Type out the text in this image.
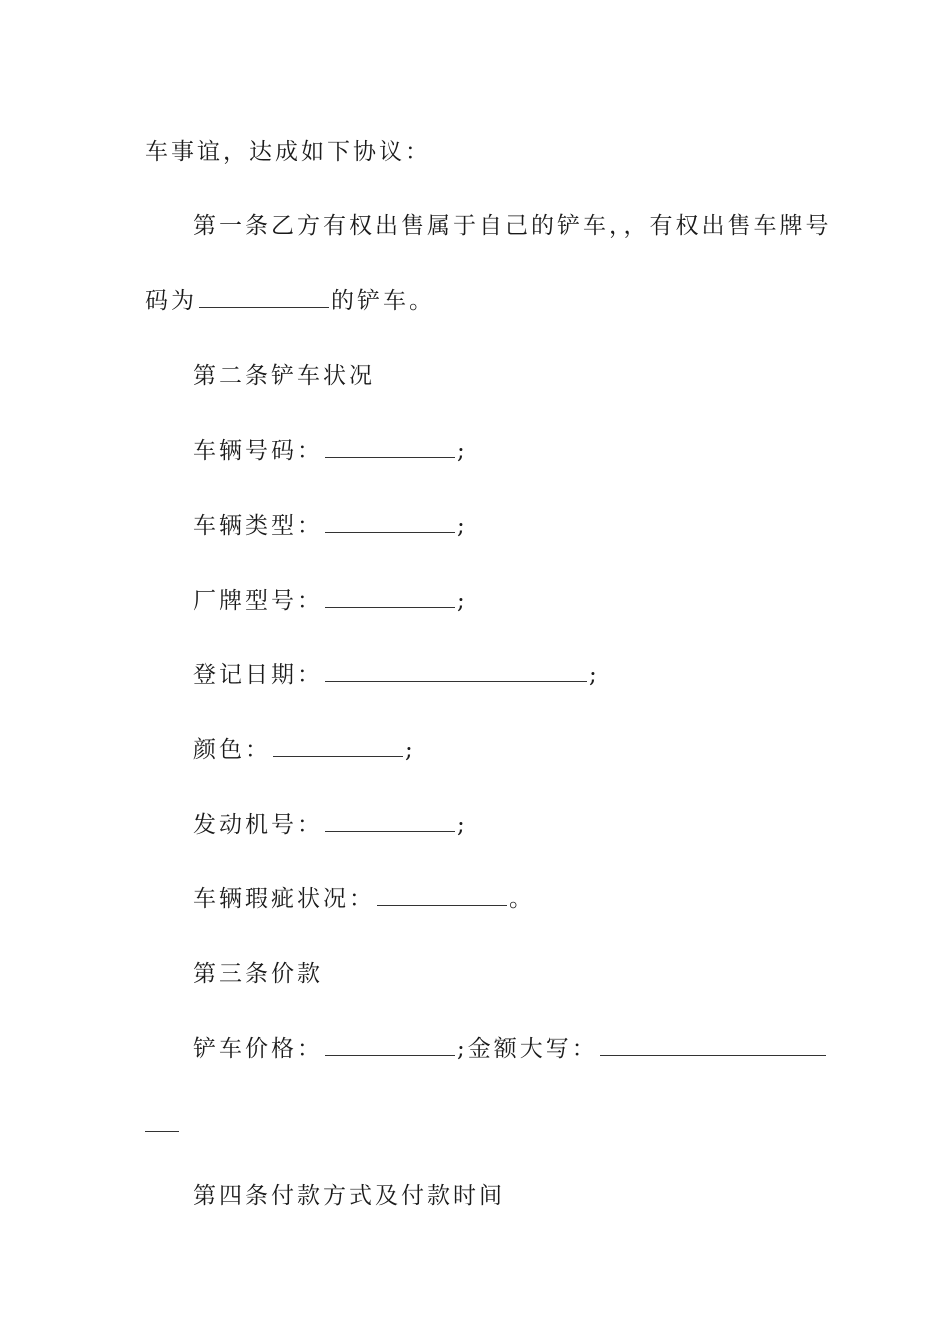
车事谊，达成如下协议：
第一条乙方有权出售属于自己的铲车，，有权出售车牌号
码为	的铲车。
第二条铲车状况
车辆号码：	;
车辆类型：	;
厂牌型号：	;
登记日期：	;
颜色：	;
发动机号：	;
车辆瑕疵状况：	。
第三条价款
铲车价格：	;金额大写：
第四条付款方式及付款时间
